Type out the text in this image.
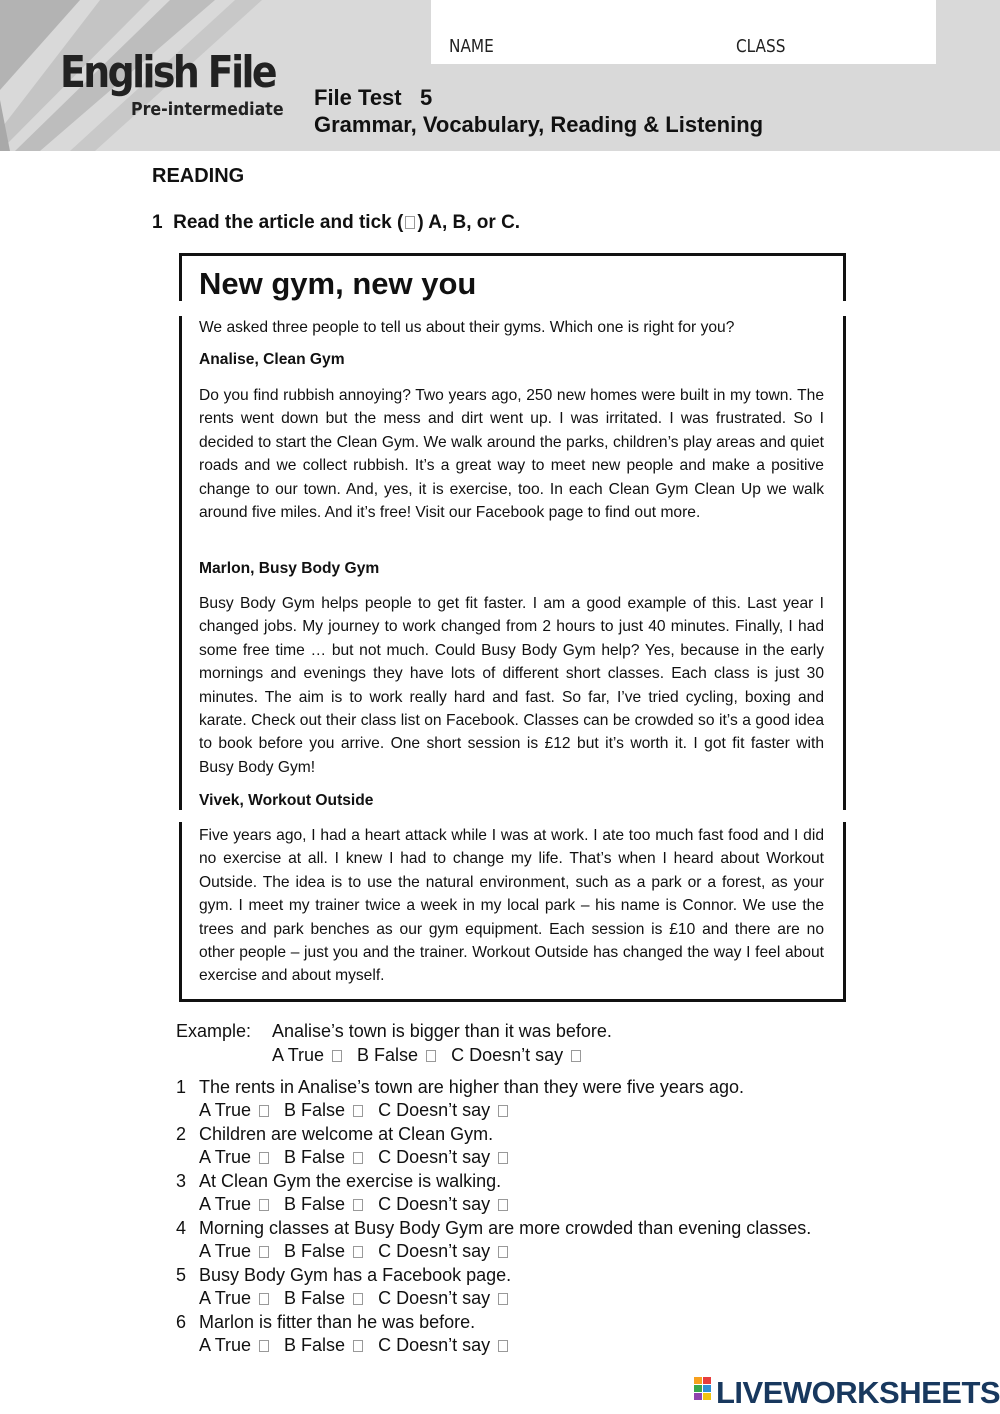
NAME	CLASS
English File
Pre-intermediate File Test   5
Grammar, Vocabulary, Reading & Listening
READING
1 Read the article and tick ( ) A, B, or C.
New gym, new you
We asked three people to tell us about their gyms. Which one is right for you?
Analise, Clean Gym
Do you find rubbish annoying? Two years ago, 250 new homes were built in my town. The rents went down but the mess and dirt went up. I was irritated. I was frustrated. So I decided to start the Clean Gym. We walk around the parks, children’s play areas and quiet roads and we collect rubbish. It’s a great way to meet new people and make a positive change to our town. And, yes, it is exercise, too. In each Clean Gym Clean Up we walk around five miles. And it’s free! Visit our Facebook page to find out more.
Marlon, Busy Body Gym
Busy Body Gym helps people to get fit faster. I am a good example of this. Last year I changed jobs. My journey to work changed from 2 hours to just 40 minutes. Finally, I had some free time … but not much. Could Busy Body Gym help? Yes, because in the early mornings and evenings they have lots of different short classes. Each class is just 30 minutes. The aim is to work really hard and fast. So far, I’ve tried cycling, boxing and karate. Check out their class list on Facebook. Classes can be crowded so it’s a good idea to book before you arrive. One short session is £12 but it’s worth it. I got fit faster with Busy Body Gym!
Vivek, Workout Outside
Five years ago, I had a heart attack while I was at work. I ate too much fast food and I did no exercise at all. I knew I had to change my life. That’s when I heard about Workout Outside. The idea is to use the natural environment, such as a park or a forest, as your gym. I meet my trainer twice a week in my local park – his name is Connor. We use the trees and park benches as our gym equipment. Each session is £10 and there are no other people – just you and the trainer. Workout Outside has changed the way I feel about exercise and about myself.
Example: Analise’s town is bigger than it was before.
A True B False C Doesn’t say
1 The rents in Analise’s town are higher than they were five years ago.
A True B False C Doesn’t say
2 Children are welcome at Clean Gym.
A True B False C Doesn’t say
3 At Clean Gym the exercise is walking.
A True B False C Doesn’t say
4 Morning classes at Busy Body Gym are more crowded than evening classes.
A True B False C Doesn’t say
5 Busy Body Gym has a Facebook page.
A True B False C Doesn’t say
6 Marlon is fitter than he was before.
A True B False C Doesn’t say
LIVEWORKSHEETS
